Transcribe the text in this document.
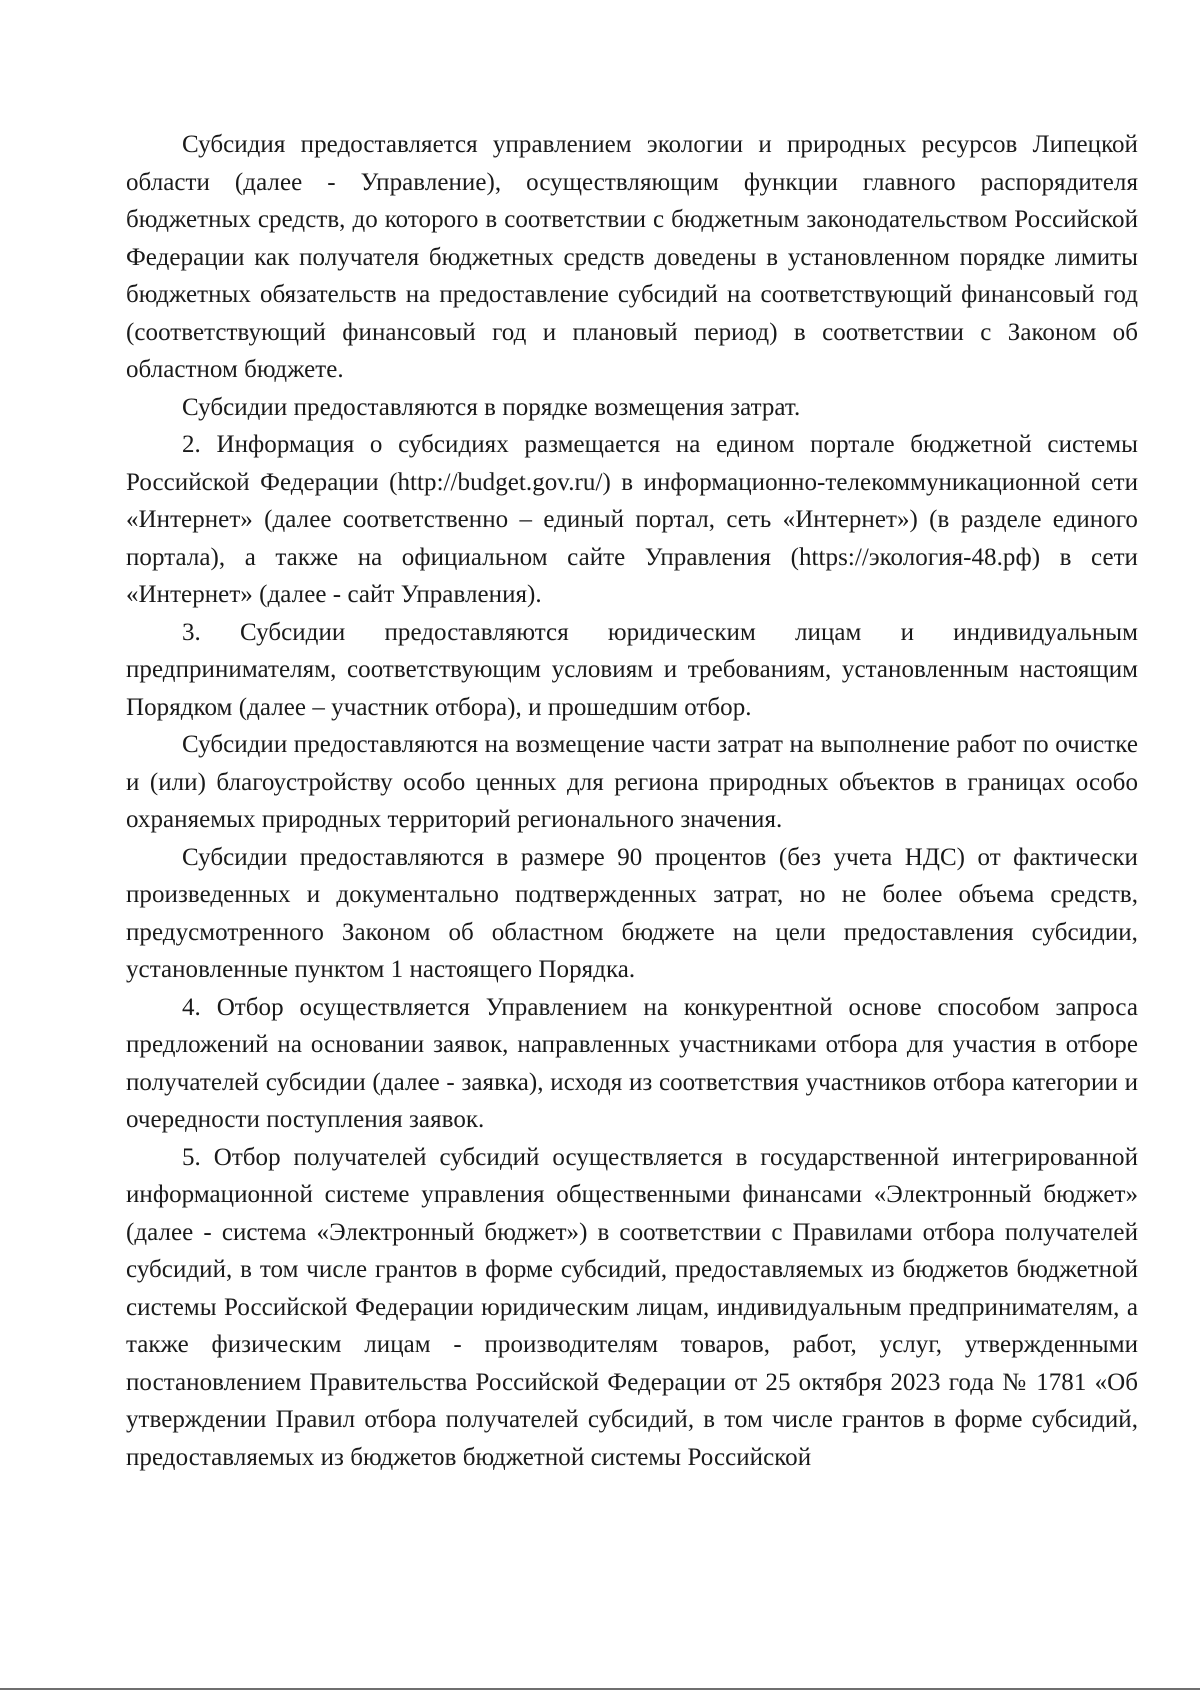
Субсидия предоставляется управлением экологии и природных ресурсов Липецкой области (далее - Управление), осуществляющим функции главного распорядителя бюджетных средств, до которого в соответствии с бюджетным законодательством Российской Федерации как получателя бюджетных средств доведены в установленном порядке лимиты бюджетных обязательств на предоставление субсидий на соответствующий финансовый год (соответствующий финансовый год и плановый период) в соответствии с Законом об областном бюджете.

Субсидии предоставляются в порядке возмещения затрат.

2. Информация о субсидиях размещается на едином портале бюджетной системы Российской Федерации (http://budget.gov.ru/) в информационно-телекоммуникационной сети «Интернет» (далее соответственно – единый портал, сеть «Интернет») (в разделе единого портала), а также на официальном сайте Управления (https://экология-48.рф) в сети «Интернет» (далее - сайт Управления).

3. Субсидии предоставляются юридическим лицам и индивидуальным предпринимателям, соответствующим условиям и требованиям, установленным настоящим Порядком (далее – участник отбора), и прошедшим отбор.

Субсидии предоставляются на возмещение части затрат на выполнение работ по очистке и (или) благоустройству особо ценных для региона природных объектов в границах особо охраняемых природных территорий регионального значения.

Субсидии предоставляются в размере 90 процентов (без учета НДС) от фактически произведенных и документально подтвержденных затрат, но не более объема средств, предусмотренного Законом об областном бюджете на цели предоставления субсидии, установленные пунктом 1 настоящего Порядка.

4. Отбор осуществляется Управлением на конкурентной основе способом запроса предложений на основании заявок, направленных участниками отбора для участия в отборе получателей субсидии (далее - заявка), исходя из соответствия участников отбора категории и очередности поступления заявок.

5. Отбор получателей субсидий осуществляется в государственной интегрированной информационной системе управления общественными финансами «Электронный бюджет» (далее - система «Электронный бюджет») в соответствии с Правилами отбора получателей субсидий, в том числе грантов в форме субсидий, предоставляемых из бюджетов бюджетной системы Российской Федерации юридическим лицам, индивидуальным предпринимателям, а также физическим лицам - производителям товаров, работ, услуг, утвержденными постановлением Правительства Российской Федерации от 25 октября 2023 года № 1781 «Об утверждении Правил отбора получателей субсидий, в том числе грантов в форме субсидий, предоставляемых из бюджетов бюджетной системы Российской
